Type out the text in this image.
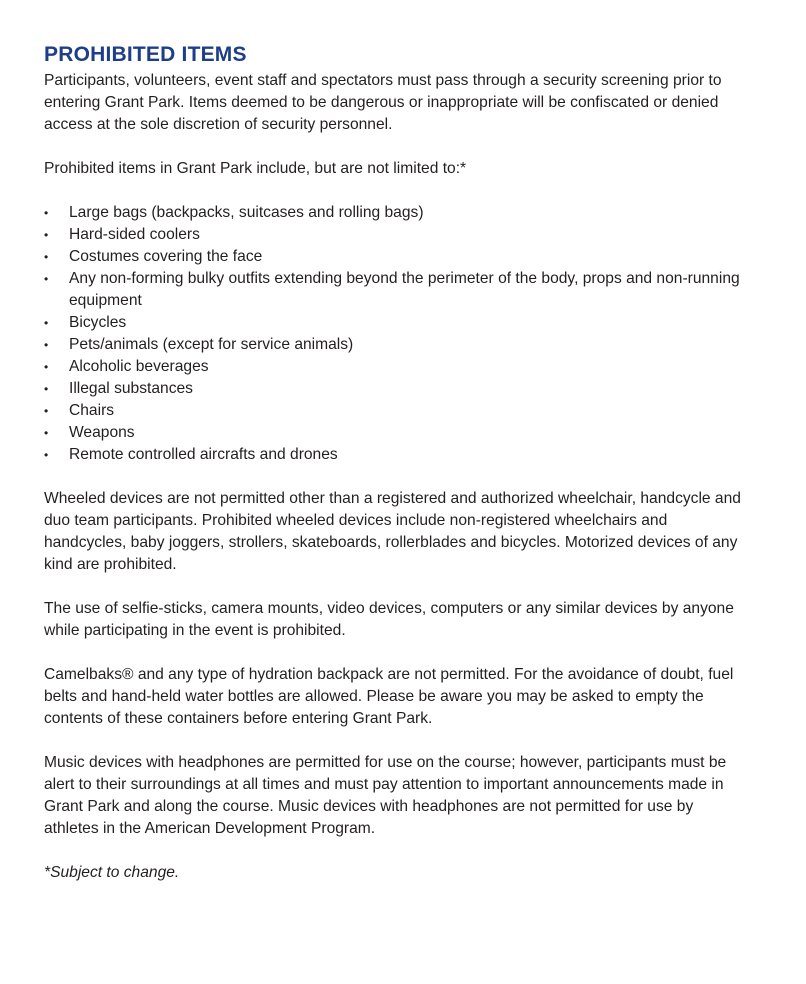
PROHIBITED ITEMS

Participants, volunteers, event staff and spectators must pass through a security screening prior to entering Grant Park. Items deemed to be dangerous or inappropriate will be confiscated or denied access at the sole discretion of security personnel.

Prohibited items in Grant Park include, but are not limited to:*

•	Large bags (backpacks, suitcases and rolling bags)
•	Hard-sided coolers
•	Costumes covering the face
•	Any non-forming bulky outfits extending beyond the perimeter of the body, props and non-running equipment
•	Bicycles
•	Pets/animals (except for service animals)
•	Alcoholic beverages
•	Illegal substances
•	Chairs
•	Weapons
•	Remote controlled aircrafts and drones

Wheeled devices are not permitted other than a registered and authorized wheelchair, handcycle and duo team participants. Prohibited wheeled devices include non-registered wheelchairs and handcycles, baby joggers, strollers, skateboards, rollerblades and bicycles. Motorized devices of any kind are prohibited.

The use of selfie-sticks, camera mounts, video devices, computers or any similar devices by anyone while participating in the event is prohibited.

Camelbaks® and any type of hydration backpack are not permitted. For the avoidance of doubt, fuel belts and hand-held water bottles are allowed. Please be aware you may be asked to empty the contents of these containers before entering Grant Park.

Music devices with headphones are permitted for use on the course; however, participants must be alert to their surroundings at all times and must pay attention to important announcements made in Grant Park and along the course. Music devices with headphones are not permitted for use by athletes in the American Development Program.

*Subject to change.
